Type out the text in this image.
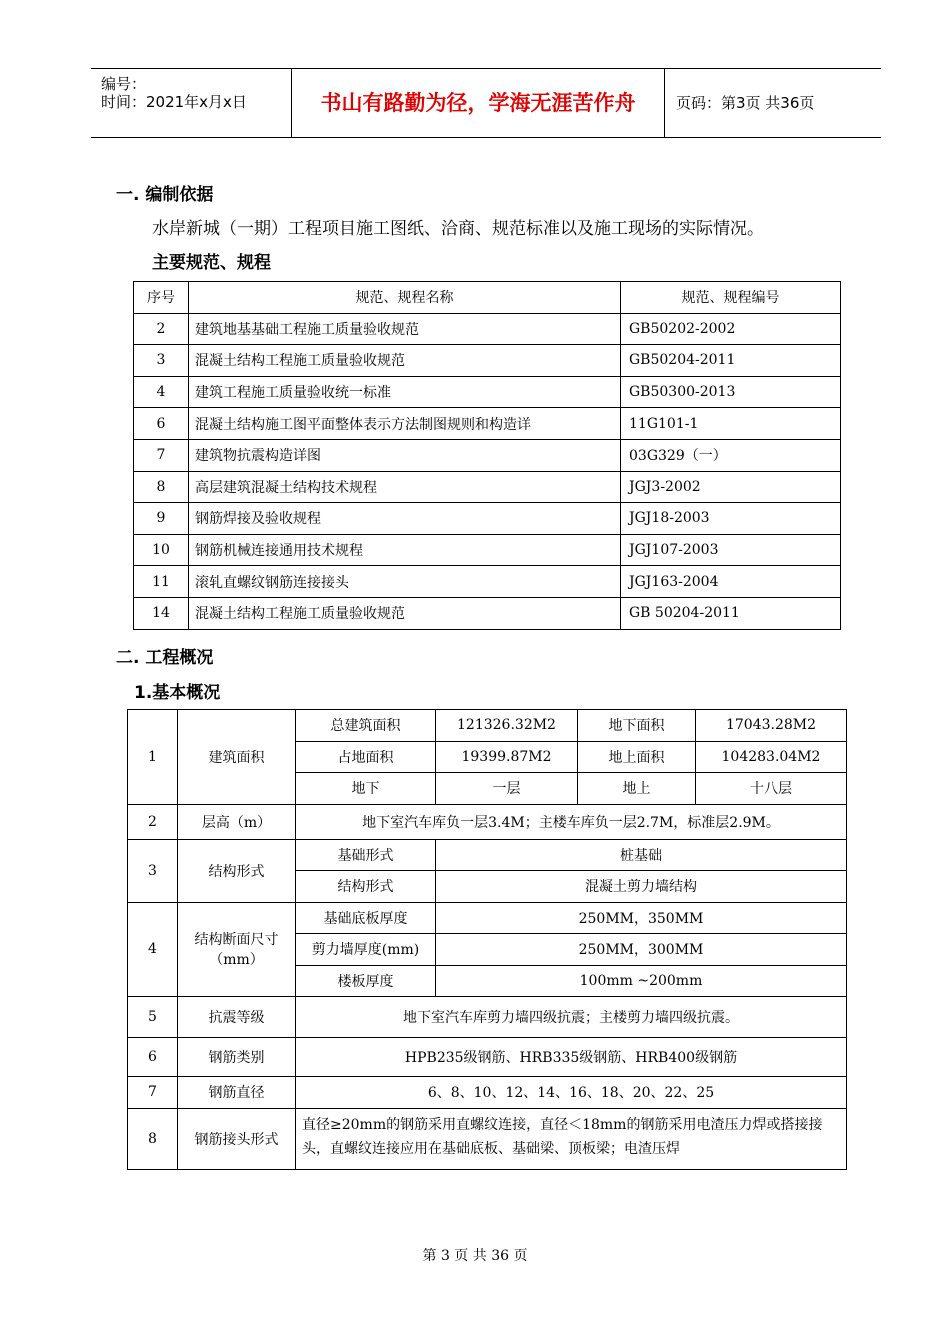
编号：
时间：2021年x月x日	书山有路勤为径，学海无涯苦作舟	页码：第3页 共36页
一. 编制依据
水岸新城（一期）工程项目施工图纸、洽商、规范标准以及施工现场的实际情况。
主要规范、规程
序号	规范、规程名称	规范、规程编号
2	建筑地基基础工程施工质量验收规范	GB50202-2002
3	混凝土结构工程施工质量验收规范	GB50204-2011
4	建筑工程施工质量验收统一标准	GB50300-2013
6	混凝土结构施工图平面整体表示方法制图规则和构造详	11G101-1
7	建筑物抗震构造详图	03G329（一）
8	高层建筑混凝土结构技术规程	JGJ3-2002
9	钢筋焊接及验收规程	JGJ18-2003
10	钢筋机械连接通用技术规程	JGJ107-2003
11	滚轧直螺纹钢筋连接接头	JGJ163-2004
14	混凝土结构工程施工质量验收规范	GB 50204-2011
二. 工程概况
1.基本概况
1	建筑面积	总建筑面积	121326.32M2	地下面积	17043.28M2
		占地面积	19399.87M2	地上面积	104283.04M2
		地下	一层	地上	十八层
2	层高（m）	地下室汽车库负一层3.4M；主楼车库负一层2.7M，标准层2.9M。			
3	结构形式	基础形式	桩基础		
		结构形式	混凝土剪力墙结构		
4	结构断面尺寸（mm）	基础底板厚度	250MM，350MM		
		剪力墙厚度(mm)	250MM，300MM		
		楼板厚度	100mm ~200mm		
5	抗震等级	地下室汽车库剪力墙四级抗震；主楼剪力墙四级抗震。			
6	钢筋类别	HPB235级钢筋、HRB335级钢筋、HRB400级钢筋			
7	钢筋直径	6、8、10、12、14、16、18、20、22、25			
8	钢筋接头形式	直径≥20mm的钢筋采用直螺纹连接，直径＜18mm的钢筋采用电渣压力焊或搭接接头，直螺纹连接应用在基础底板、基础梁、顶板梁；电渣压焊			
第 3 页 共 36 页
